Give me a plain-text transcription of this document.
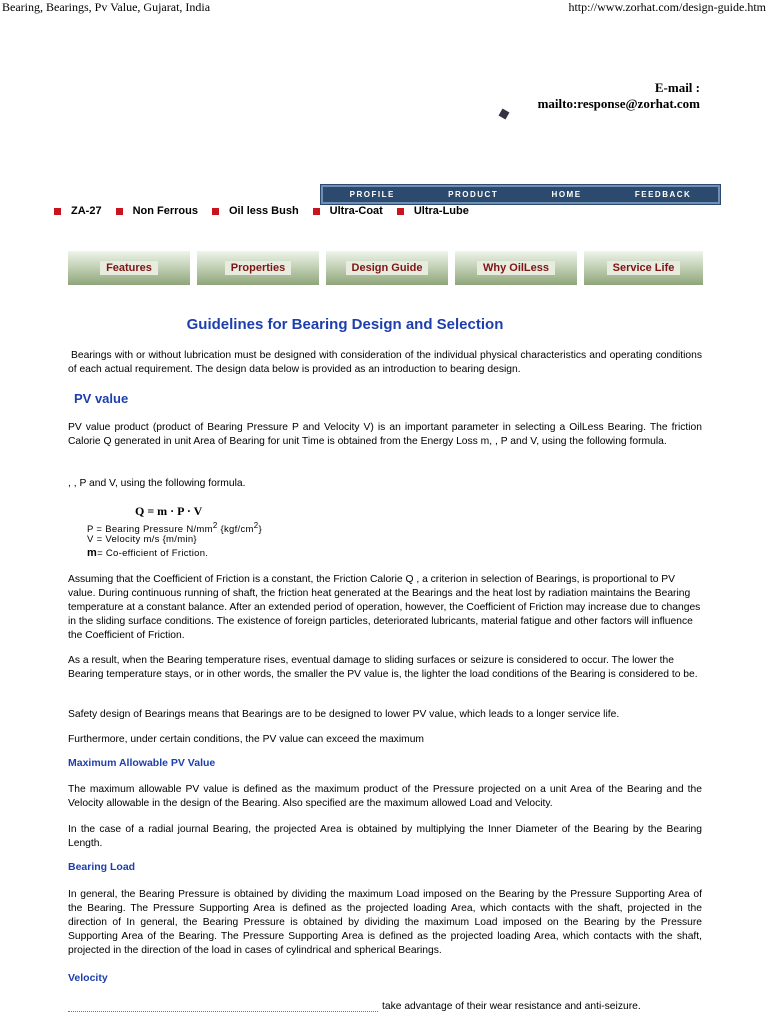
Bearing, Bearings, Pv Value, Gujarat, India	http://www.zorhat.com/design-guide.htm
E-mail :
mailto:response@zorhat.com
PROFILE	PRODUCT	HOME	FEEDBACK
ZA-27	Non Ferrous	Oil less Bush	Ultra-Coat	Ultra-Lube
Features	Properties	Design Guide	Why OilLess	Service Life
Guidelines for Bearing Design and Selection
Bearings with or without lubrication must be designed with consideration of the individual physical characteristics and operating conditions of each actual requirement. The design data below is provided as an introduction to bearing design.
PV value
PV value product (product of Bearing Pressure P and Velocity V) is an important parameter in selecting a OilLess Bearing. The friction Calorie Q generated in unit Area of Bearing for unit Time is obtained from the Energy Loss m, , P and V, using the following formula.
, , P and V, using the following formula.
Q = m · P · V
P = Bearing Pressure $N/mm^2$ $\{kgf/cm^2\}$
V = Velocity m/s {m/min}
m= Co-efficient of Friction.
Assuming that the Coefficient of Friction is a constant, the Friction Calorie Q , a criterion in selection of Bearings, is proportional to PV value. During continuous running of shaft, the friction heat generated at the Bearings and the heat lost by radiation maintains the Bearing temperature at a constant balance. After an extended period of operation, however, the Coefficient of Friction may increase due to changes in the sliding surface conditions. The existence of foreign particles, deteriorated lubricants, material fatigue and other factors will influence the Coefficient of Friction.
As a result, when the Bearing temperature rises, eventual damage to sliding surfaces or seizure is considered to occur. The lower the Bearing temperature stays, or in other words, the smaller the PV value is, the lighter the load conditions of the Bearing is considered to be.
Safety design of Bearings means that Bearings are to be designed to lower PV value, which leads to a longer service life.
Furthermore, under certain conditions, the PV value can exceed the maximum
Maximum Allowable PV Value
The maximum allowable PV value is defined as the maximum product of the Pressure projected on a unit Area of the Bearing and the Velocity allowable in the design of the Bearing. Also specified are the maximum allowed Load and Velocity.
In the case of a radial journal Bearing, the projected Area is obtained by multiplying the Inner Diameter of the Bearing by the Bearing Length.
Bearing Load
In general, the Bearing Pressure is obtained by dividing the maximum Load imposed on the Bearing by the Pressure Supporting Area of the Bearing. The Pressure Supporting Area is defined as the projected loading Area, which contacts with the shaft, projected in the direction of In general, the Bearing Pressure is obtained by dividing the maximum Load imposed on the Bearing by the Pressure Supporting Area of the Bearing. The Pressure Supporting Area is defined as the projected loading Area, which contacts with the shaft, projected in the direction of the load in cases of cylindrical and spherical Bearings.
Velocity
take advantage of their wear resistance and anti-seizure.
